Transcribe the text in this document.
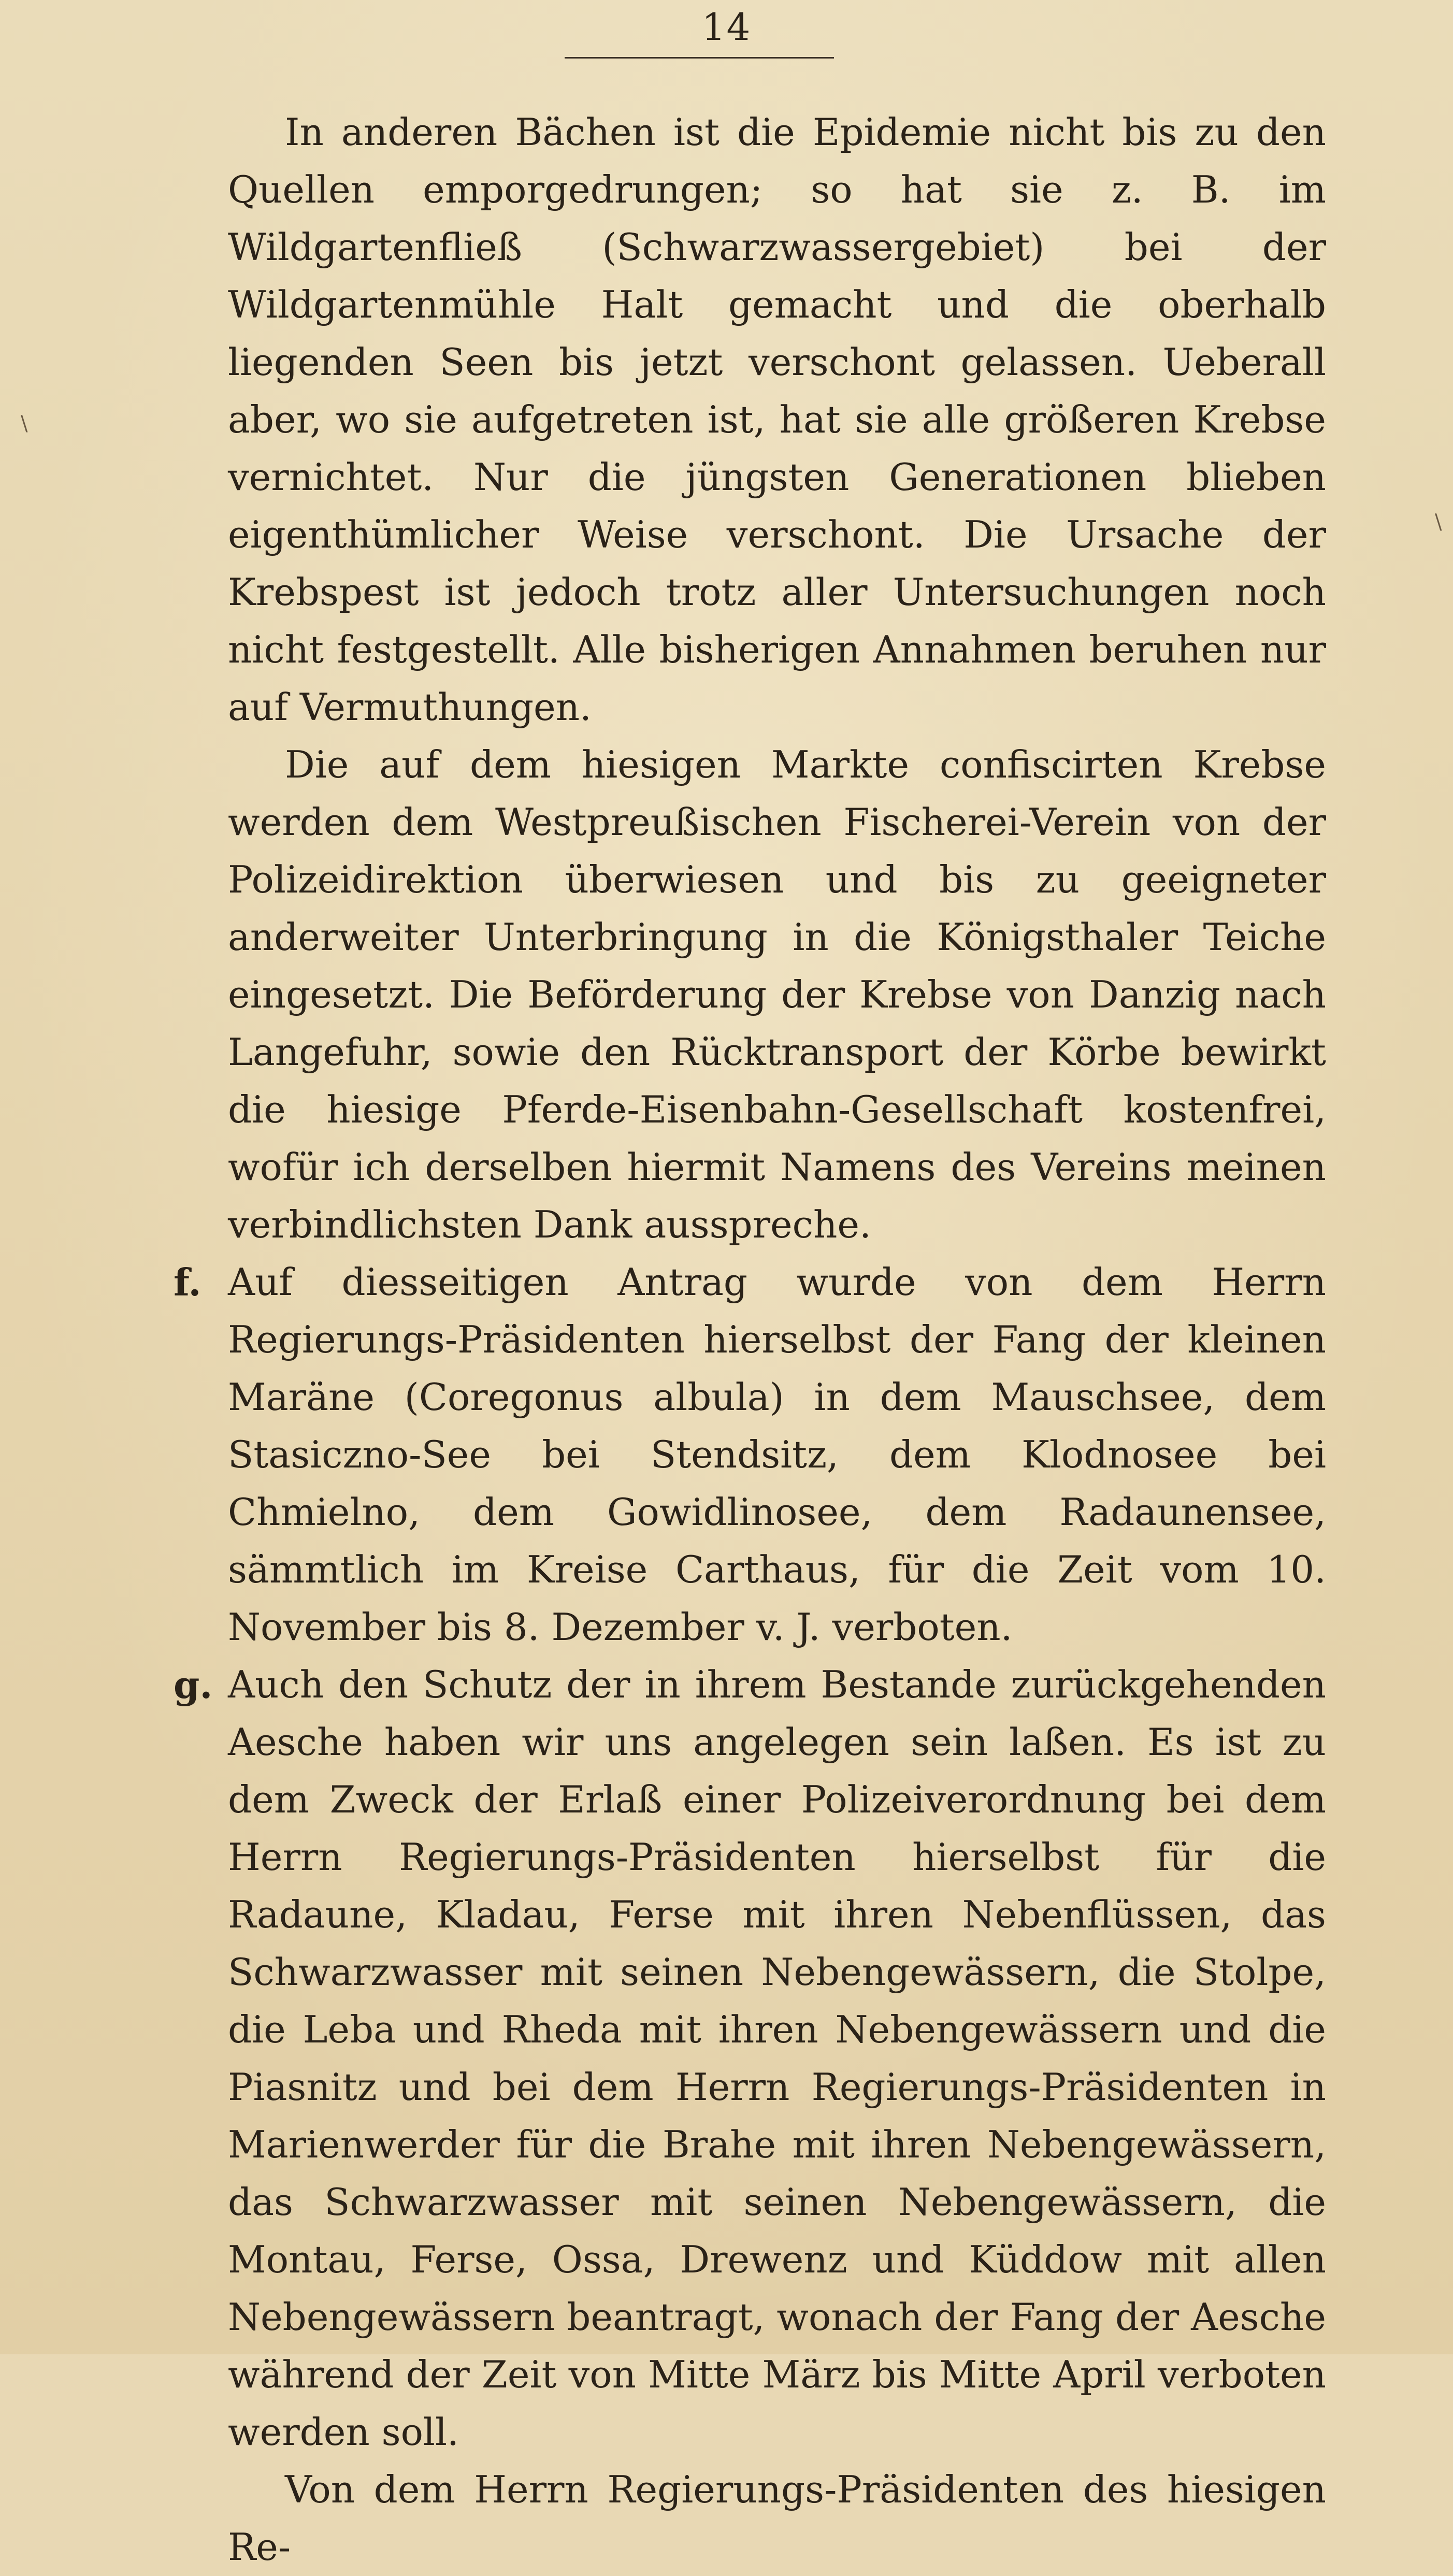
14
\
\

In anderen Bächen ist die Epidemie nicht bis zu den Quellen emporgedrungen; so hat sie z. B. im Wildgartenfließ (Schwarzwassergebiet) bei der Wildgartenmühle Halt gemacht und die oberhalb liegenden Seen bis jetzt verschont gelassen. Ueberall aber, wo sie aufgetreten ist, hat sie alle größeren Krebse vernichtet. Nur die jüngsten Generationen blieben eigenthümlicher Weise verschont. Die Ursache der Krebspest ist jedoch trotz aller Untersuchungen noch nicht festgestellt. Alle bisherigen Annahmen beruhen nur auf Vermuthungen.

Die auf dem hiesigen Markte confiscirten Krebse werden dem Westpreußischen Fischerei-Verein von der Polizeidirektion überwiesen und bis zu geeigneter anderweiter Unterbringung in die Königsthaler Teiche eingesetzt. Die Beförderung der Krebse von Danzig nach Langefuhr, sowie den Rücktransport der Körbe bewirkt die hiesige Pferde-Eisenbahn-Gesellschaft kostenfrei, wofür ich derselben hiermit Namens des Vereins meinen verbindlichsten Dank ausspreche.

f. Auf diesseitigen Antrag wurde von dem Herrn Regierungs-Präsidenten hierselbst der Fang der kleinen Maräne (Coregonus albula) in dem Mauschsee, dem Stasiczno-See bei Stendsitz, dem Klodnosee bei Chmielno, dem Gowidlinosee, dem Radaunensee, sämmtlich im Kreise Carthaus, für die Zeit vom 10. November bis 8. Dezember v. J. verboten.

g. Auch den Schutz der in ihrem Bestande zurückgehenden Aesche haben wir uns angelegen sein laßen. Es ist zu dem Zweck der Erlaß einer Polizeiverordnung bei dem Herrn Regierungs-Präsidenten hierselbst für die Radaune, Kladau, Ferse mit ihren Nebenflüssen, das Schwarzwasser mit seinen Nebengewässern, die Stolpe, die Leba und Rheda mit ihren Nebengewässern und die Piasnitz und bei dem Herrn Regierungs-Präsidenten in Marienwerder für die Brahe mit ihren Nebengewässern, das Schwarzwasser mit seinen Nebengewässern, die Montau, Ferse, Ossa, Drewenz und Küddow mit allen Nebengewässern beantragt, wonach der Fang der Aesche während der Zeit von Mitte März bis Mitte April verboten werden soll.

Von dem Herrn Regierungs-Präsidenten des hiesigen Re-
